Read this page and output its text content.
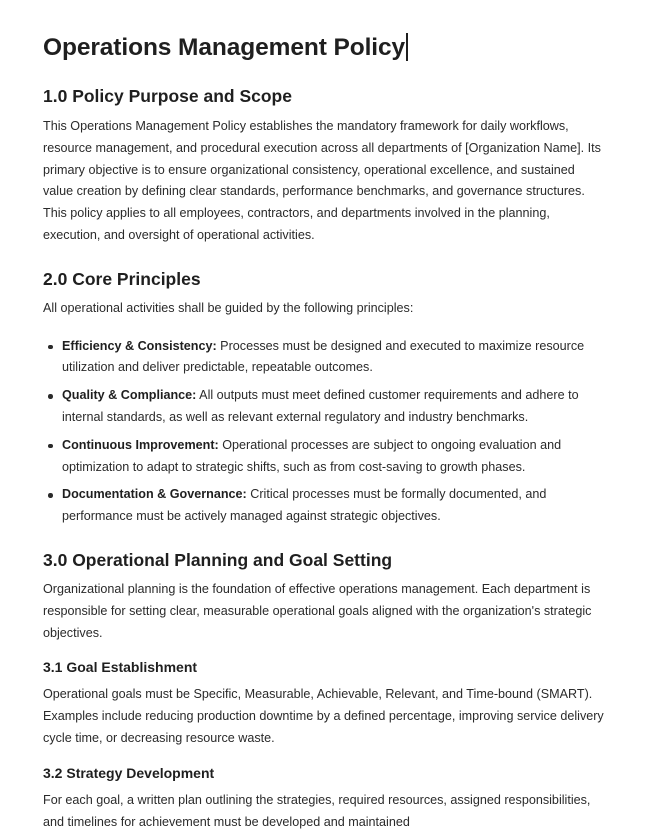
Operations Management Policy
1.0 Policy Purpose and Scope

This Operations Management Policy establishes the mandatory framework for daily workflows, resource management, and procedural execution across all departments of [Organization Name]. Its primary objective is to ensure organizational consistency, operational excellence, and sustained value creation by defining clear standards, performance benchmarks, and governance structures. This policy applies to all employees, contractors, and departments involved in the planning, execution, and oversight of operational activities.

2.0 Core Principles

All operational activities shall be guided by the following principles:

Efficiency & Consistency: Processes must be designed and executed to maximize resource utilization and deliver predictable, repeatable outcomes.
Quality & Compliance: All outputs must meet defined customer requirements and adhere to internal standards, as well as relevant external regulatory and industry benchmarks.
Continuous Improvement: Operational processes are subject to ongoing evaluation and optimization to adapt to strategic shifts, such as from cost-saving to growth phases.
Documentation & Governance: Critical processes must be formally documented, and performance must be actively managed against strategic objectives.
3.0 Operational Planning and Goal Setting

Organizational planning is the foundation of effective operations management. Each department is responsible for setting clear, measurable operational goals aligned with the organization's strategic objectives.

3.1 Goal Establishment

Operational goals must be Specific, Measurable, Achievable, Relevant, and Time-bound (SMART). Examples include reducing production downtime by a defined percentage, improving service delivery cycle time, or decreasing resource waste.

3.2 Strategy Development

For each goal, a written plan outlining the strategies, required resources, assigned responsibilities, and timelines for achievement must be developed and maintained
